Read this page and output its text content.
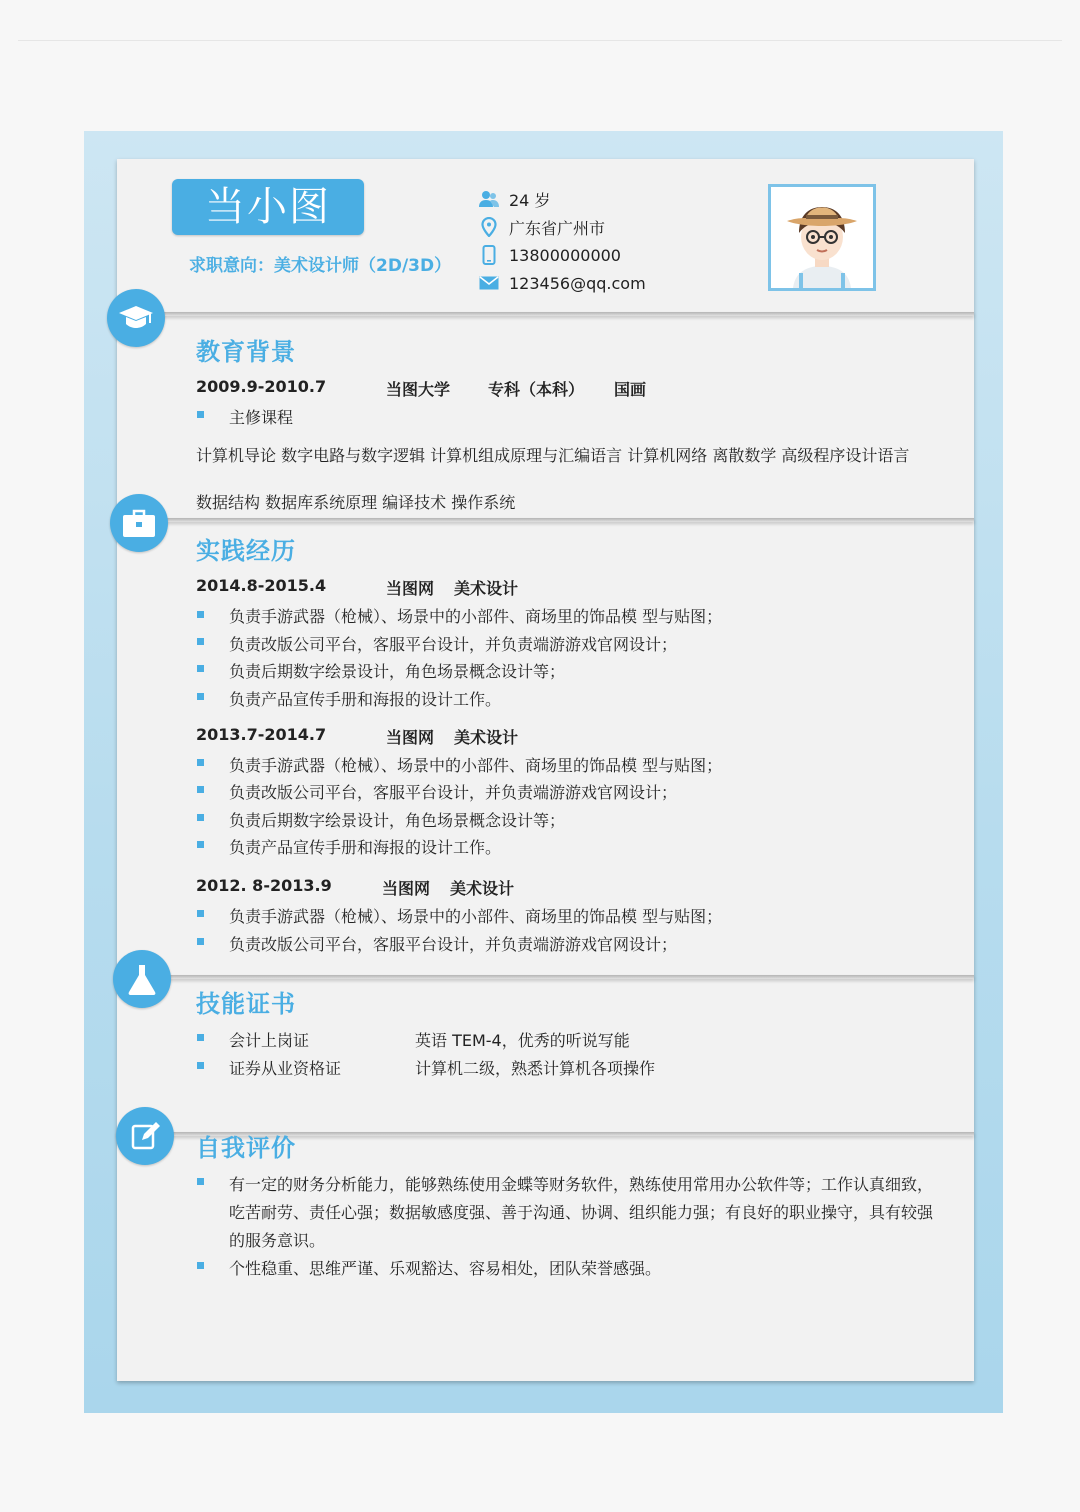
当小图
求职意向：美术设计师（2D/3D）
24 岁
广东省广州市
13800000000
123456@qq.com
教育背景
2009.9-2010.7	当图大学 专科（本科） 国画
主修课程
计算机导论 数字电路与数字逻辑 计算机组成原理与汇编语言 计算机网络 离散数学 高级程序设计语言
数据结构 数据库系统原理 编译技术 操作系统
实践经历
2014.8-2015.4	当图网 美术设计
负责手游武器（枪械）、场景中的小部件、商场里的饰品模 型与贴图；
负责改版公司平台，客服平台设计，并负责端游游戏官网设计；
负责后期数字绘景设计，角色场景概念设计等；
负责产品宣传手册和海报的设计工作。
2013.7-2014.7	当图网 美术设计
负责手游武器（枪械）、场景中的小部件、商场里的饰品模 型与贴图；
负责改版公司平台，客服平台设计，并负责端游游戏官网设计；
负责后期数字绘景设计，角色场景概念设计等；
负责产品宣传手册和海报的设计工作。
2012. 8-2013.9	当图网 美术设计
负责手游武器（枪械）、场景中的小部件、商场里的饰品模 型与贴图；
负责改版公司平台，客服平台设计，并负责端游游戏官网设计；
技能证书
会计上岗证	英语 TEM-4，优秀的听说写能
证券从业资格证	计算机二级，熟悉计算机各项操作
自我评价
有一定的财务分析能力，能够熟练使用金蝶等财务软件，熟练使用常用办公软件等；工作认真细致，
吃苦耐劳、责任心强；数据敏感度强、善于沟通、协调、组织能力强；有良好的职业操守，具有较强
的服务意识。
个性稳重、思维严谨、乐观豁达、容易相处，团队荣誉感强。
